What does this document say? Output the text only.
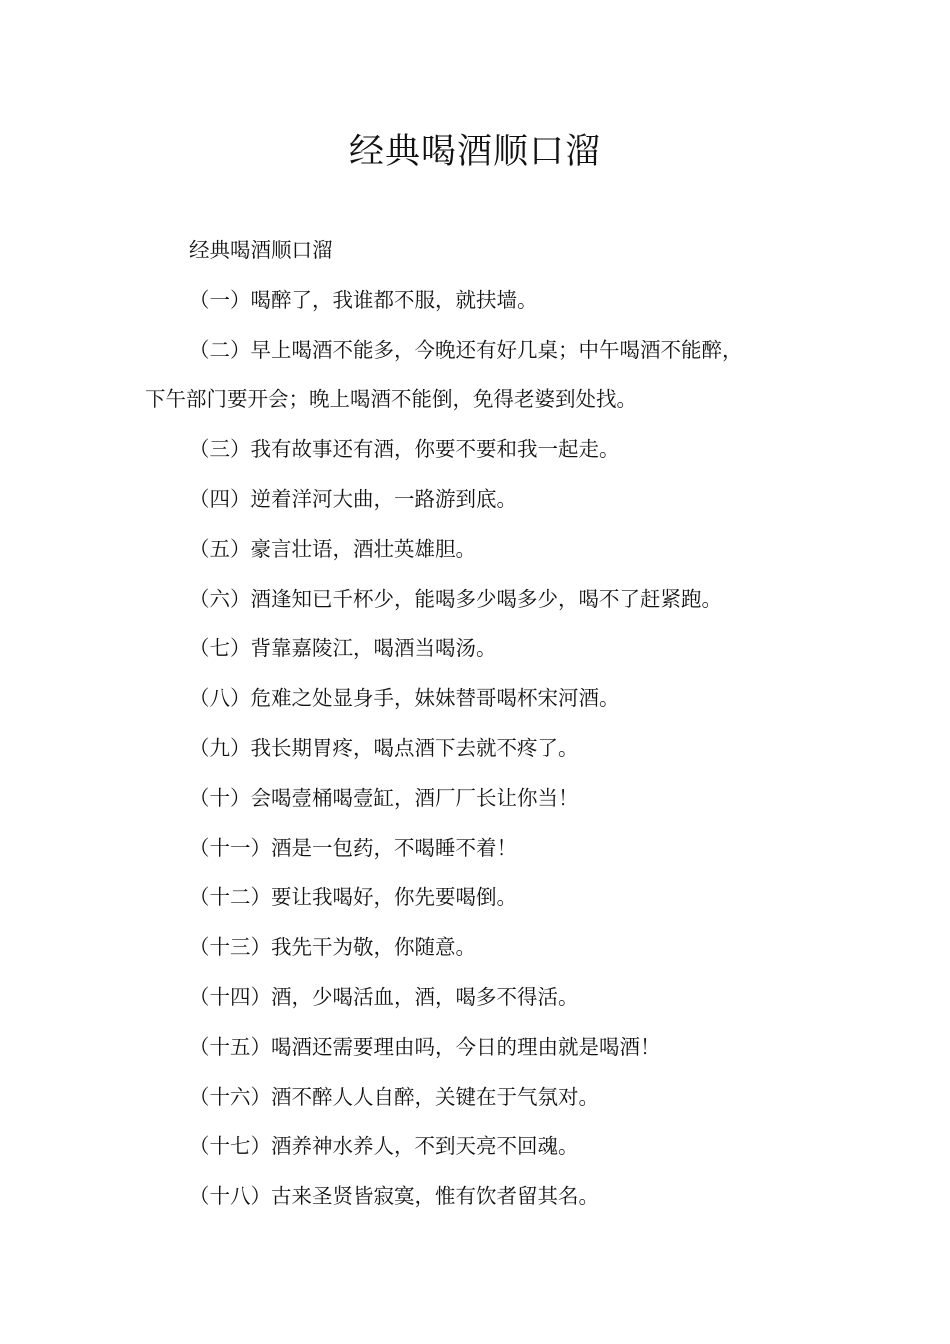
经典喝酒顺口溜

经典喝酒顺口溜

（一）喝醉了，我谁都不服，就扶墙。

（二）早上喝酒不能多，今晚还有好几桌；中午喝酒不能醉，
下午部门要开会；晚上喝酒不能倒，免得老婆到处找。

（三）我有故事还有酒，你要不要和我一起走。

（四）逆着洋河大曲，一路游到底。

（五）豪言壮语，酒壮英雄胆。

（六）酒逢知已千杯少，能喝多少喝多少，喝不了赶紧跑。

（七）背靠嘉陵江，喝酒当喝汤。

（八）危难之处显身手，妹妹替哥喝杯宋河酒。

（九）我长期胃疼，喝点酒下去就不疼了。

（十）会喝壹桶喝壹缸，酒厂厂长让你当！

（十一）酒是一包药，不喝睡不着！

（十二）要让我喝好，你先要喝倒。

（十三）我先干为敬，你随意。

（十四）酒，少喝活血，酒，喝多不得活。

（十五）喝酒还需要理由吗，今日的理由就是喝酒！

（十六）酒不醉人人自醉，关键在于气氛对。

（十七）酒养神水养人，不到天亮不回魂。

（十八）古来圣贤皆寂寞，惟有饮者留其名。
